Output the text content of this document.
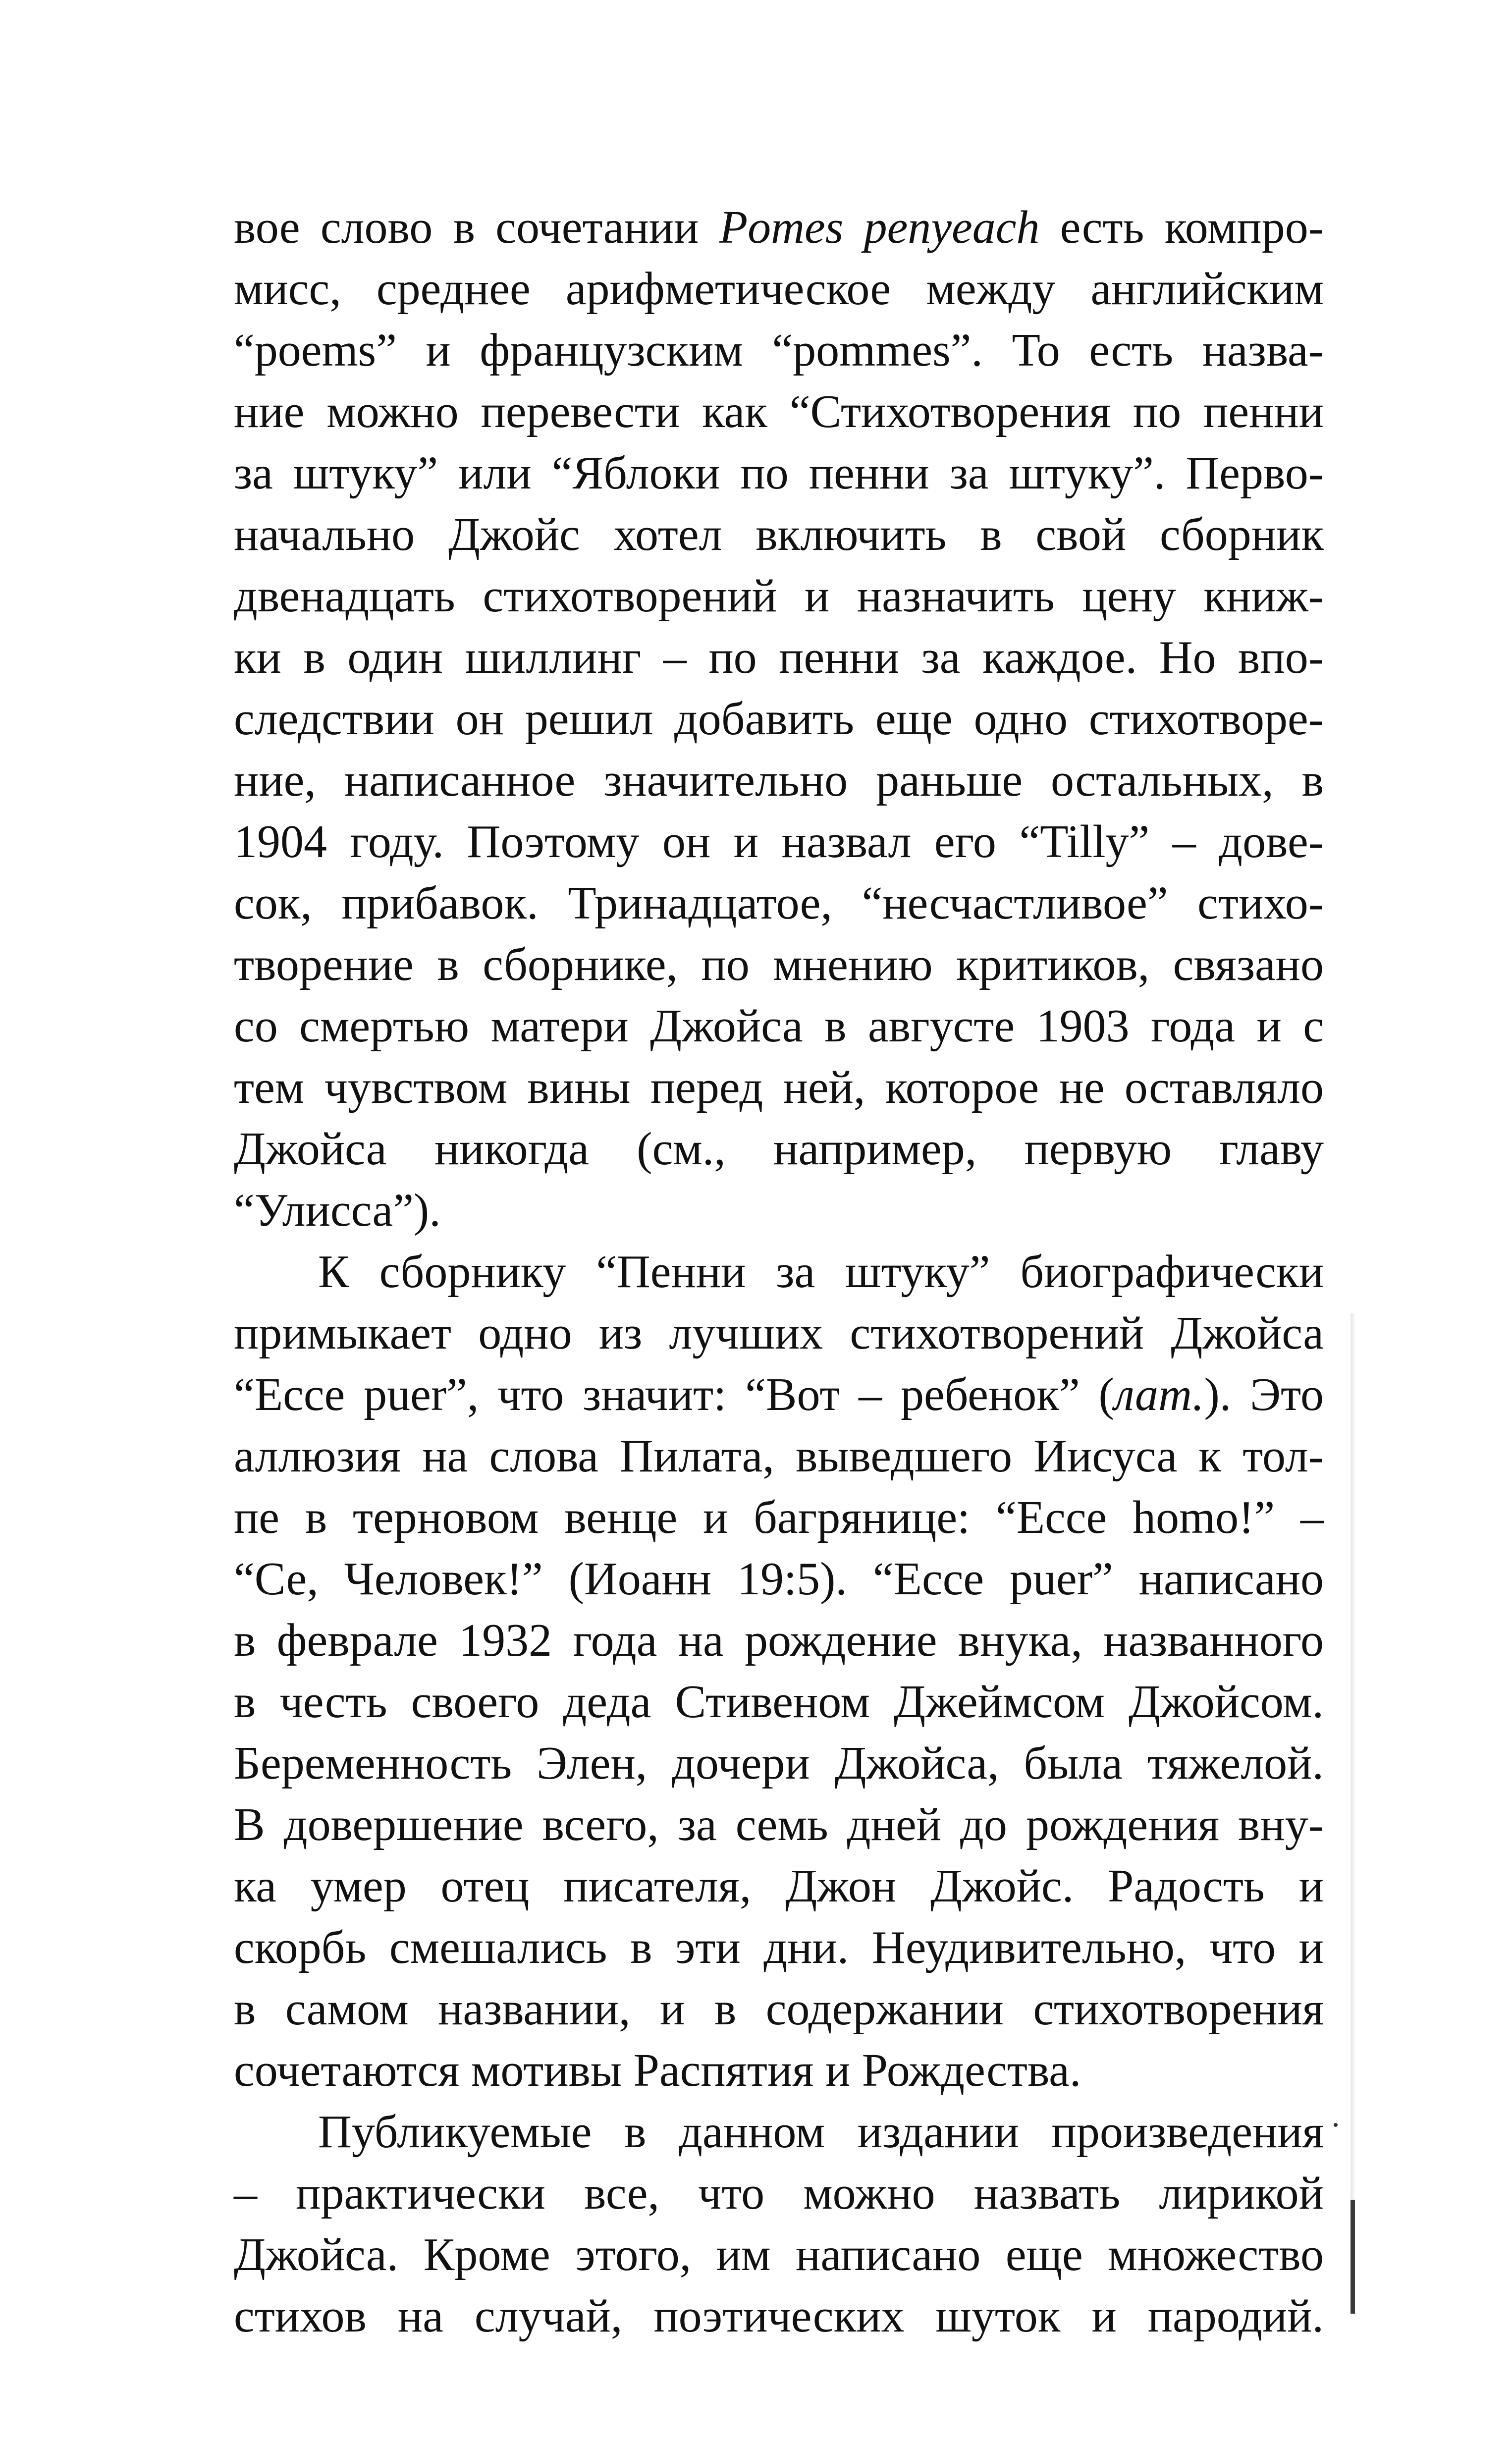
вое слово в сочетании Pomes penyeach есть компро-
мисс, среднее арифметическое между английским
“poems” и французским “pommes”. То есть назва-
ние можно перевести как “Стихотворения по пенни
за штуку” или “Яблоки по пенни за штуку”. Перво-
начально Джойс хотел включить в свой сборник
двенадцать стихотворений и назначить цену книж-
ки в один шиллинг – по пенни за каждое. Но впо-
следствии он решил добавить еще одно стихотворе-
ние, написанное значительно раньше остальных, в
1904 году. Поэтому он и назвал его “Tilly” – дове-
сок, прибавок. Тринадцатое, “несчастливое” стихо-
творение в сборнике, по мнению критиков, связано
со смертью матери Джойса в августе 1903 года и с
тем чувством вины перед ней, которое не оставляло
Джойса никогда (см., например, первую главу
“Улисса”).
К сборнику “Пенни за штуку” биографически
примыкает одно из лучших стихотворений Джойса
“Ecce puer”, что значит: “Вот – ребенок” (лат.). Это
аллюзия на слова Пилата, выведшего Иисуса к тол-
пе в терновом венце и багрянице: “Ecce homo!” –
“Се, Человек!” (Иоанн 19:5). “Ecce puer” написано
в феврале 1932 года на рождение внука, названного
в честь своего деда Стивеном Джеймсом Джойсом.
Беременность Элен, дочери Джойса, была тяжелой.
В довершение всего, за семь дней до рождения вну-
ка умер отец писателя, Джон Джойс. Радость и
скорбь смешались в эти дни. Неудивительно, что и
в самом названии, и в содержании стихотворения
сочетаются мотивы Распятия и Рождества.
Публикуемые в данном издании произведения
– практически все, что можно назвать лирикой
Джойса. Кроме этого, им написано еще множество
стихов на случай, поэтических шуток и пародий.
